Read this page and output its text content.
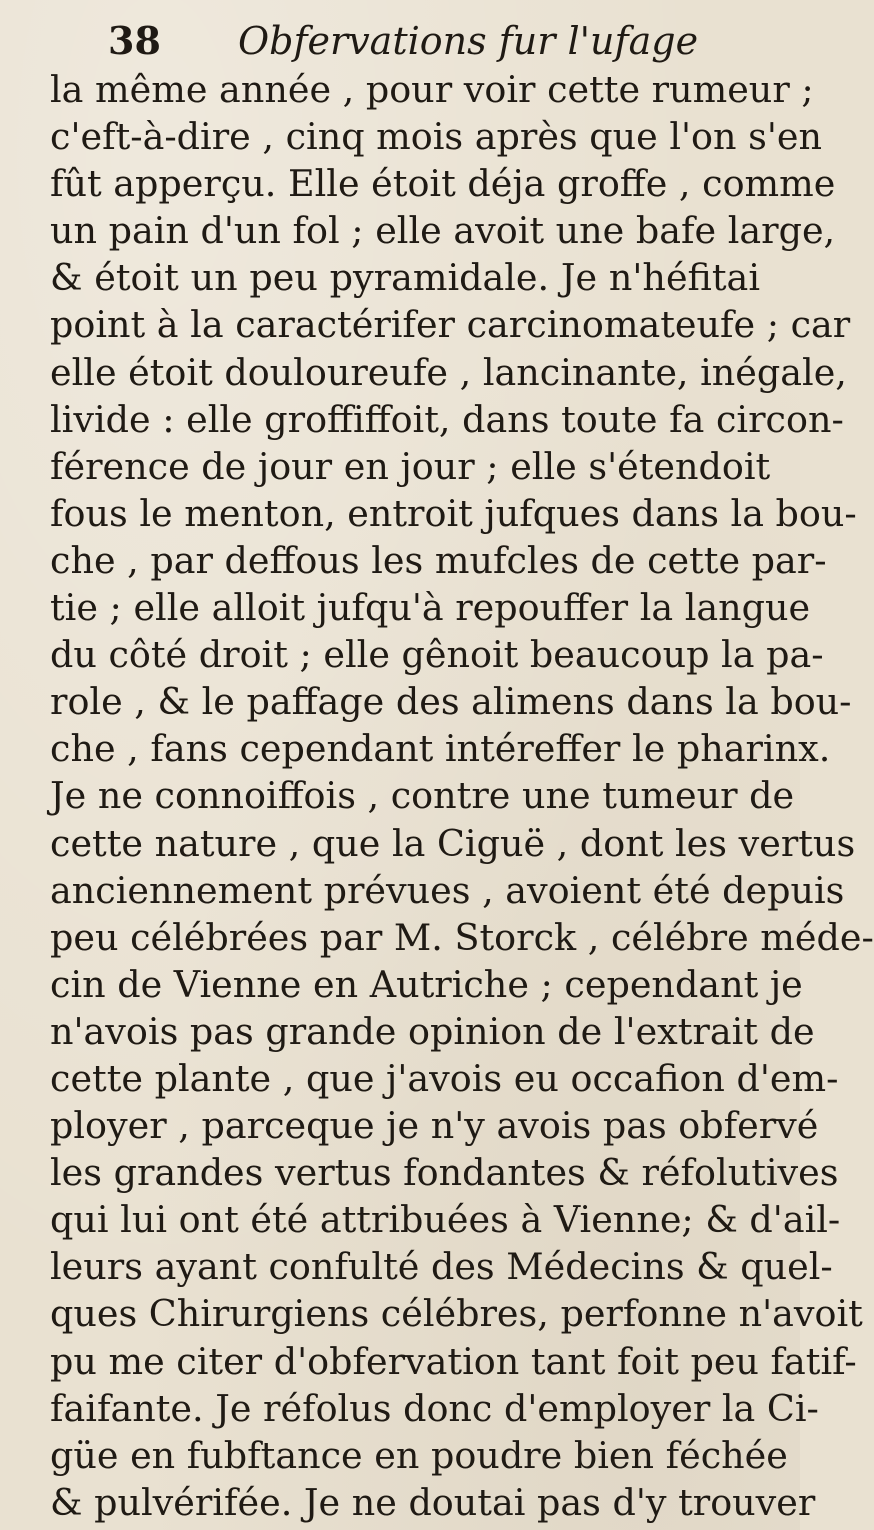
38 Obfervations fur l'ufage
la même année , pour voir cette rumeur ;
c'eft-à-dire , cinq mois après que l'on s'en
fût apperçu. Elle étoit déja groffe , comme
un pain d'un fol ; elle avoit une bafe large,
& étoit un peu pyramidale. Je n'héfitai
point à la caractérifer carcinomateufe ; car
elle étoit douloureufe , lancinante, inégale,
livide : elle groffiffoit, dans toute fa circon-
férence de jour en jour ; elle s'étendoit
fous le menton, entroit jufques dans la bou-
che , par deffous les mufcles de cette par-
tie ; elle alloit jufqu'à repouffer la langue
du côté droit ; elle gênoit beaucoup la pa-
role , & le paffage des alimens dans la bou-
che , fans cependant intéreffer le pharinx.
Je ne connoiffois , contre une tumeur de
cette nature , que la Ciguë , dont les vertus
anciennement prévues , avoient été depuis
peu célébrées par M. Storck , célébre méde-
cin de Vienne en Autriche ; cependant je
n'avois pas grande opinion de l'extrait de
cette plante , que j'avois eu occafion d'em-
ployer , parceque je n'y avois pas obfervé
les grandes vertus fondantes & réfolutives
qui lui ont été attribuées à Vienne; & d'ail-
leurs ayant confulté des Médecins & quel-
ques Chirurgiens célébres, perfonne n'avoit
pu me citer d'obfervation tant foit peu fatif-
faifante. Je réfolus donc d'employer la Ci-
güe en fubftance en poudre bien féchée
& pulvérifée. Je ne doutai pas d'y trouver
